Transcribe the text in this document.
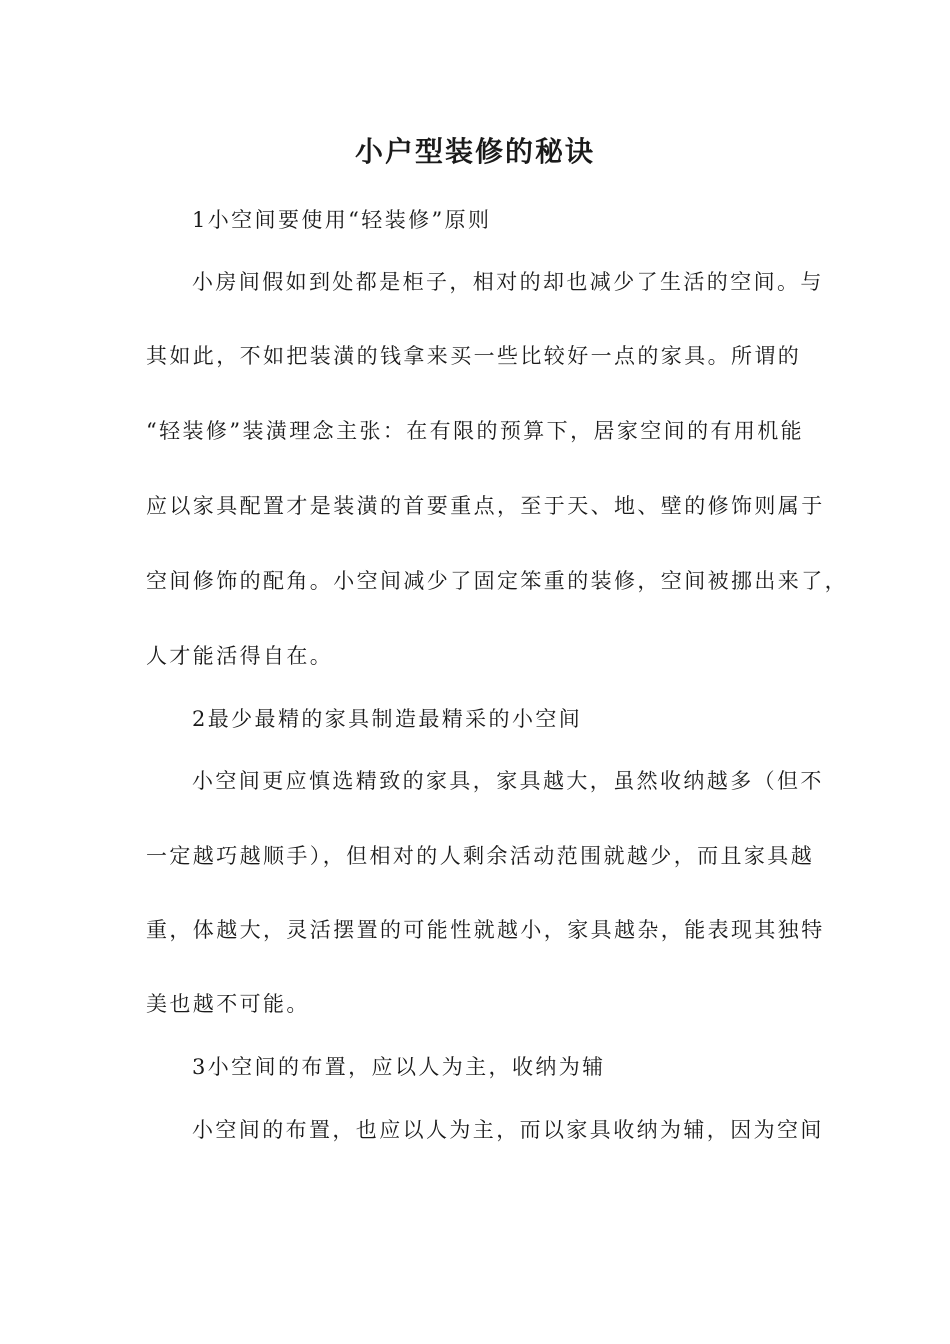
小户型装修的秘诀
1小空间要使用“轻装修”原则
小房间假如到处都是柜子，相对的却也减少了生活的空间。与
其如此，不如把装潢的钱拿来买一些比较好一点的家具。所谓的
“轻装修”装潢理念主张：在有限的预算下，居家空间的有用机能
应以家具配置才是装潢的首要重点，至于天、地、壁的修饰则属于
空间修饰的配角。小空间减少了固定笨重的装修，空间被挪出来了，
人才能活得自在。
2最少最精的家具制造最精采的小空间
小空间更应慎选精致的家具，家具越大，虽然收纳越多（但不
一定越巧越顺手），但相对的人剩余活动范围就越少，而且家具越
重，体越大，灵活摆置的可能性就越小，家具越杂，能表现其独特
美也越不可能。
3小空间的布置，应以人为主，收纳为辅
小空间的布置，也应以人为主，而以家具收纳为辅，因为空间
